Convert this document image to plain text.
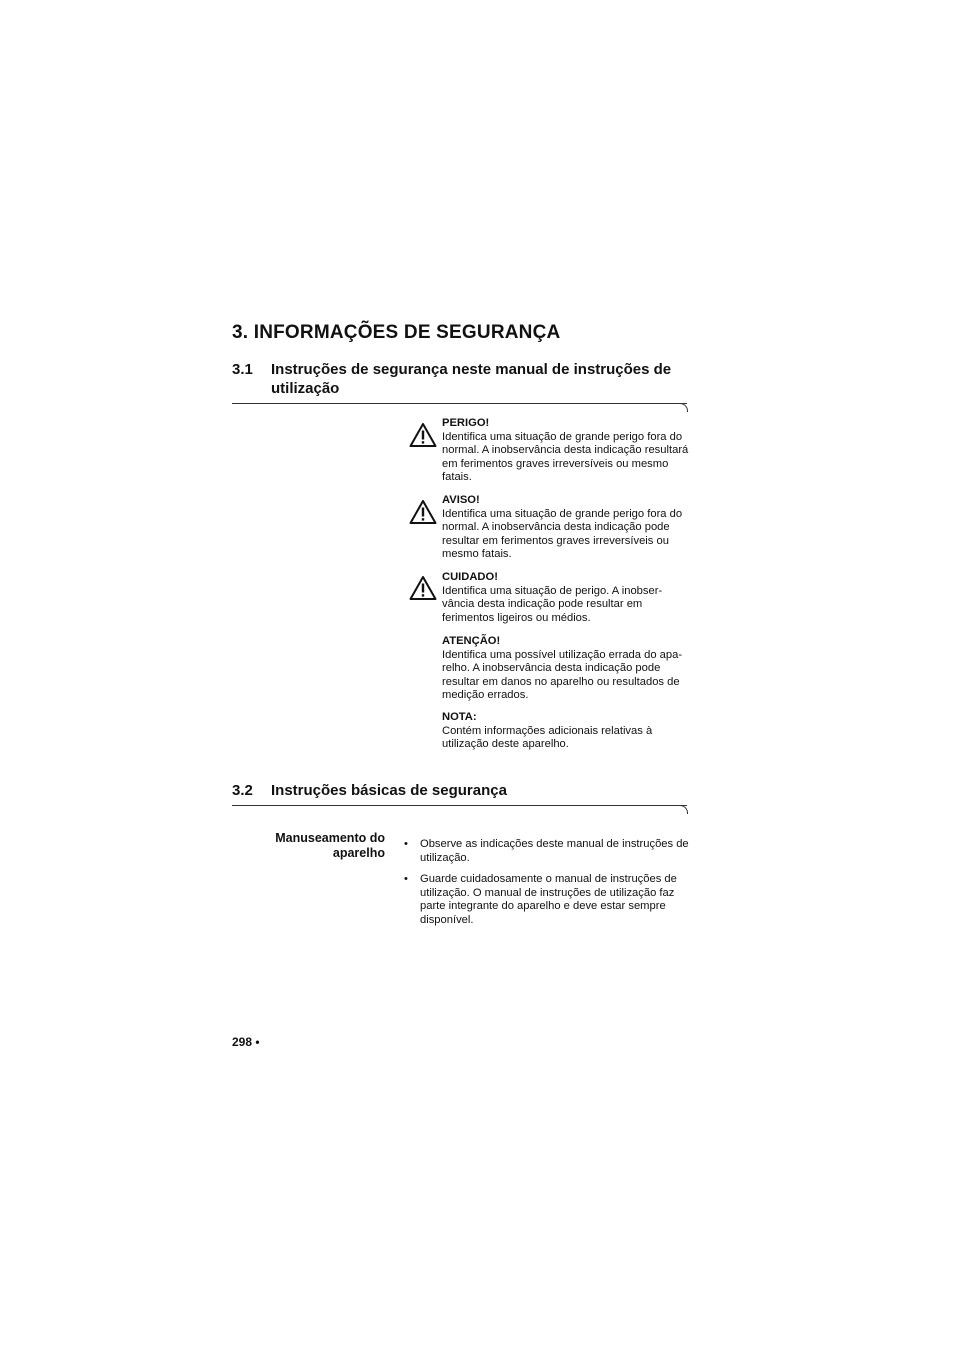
3. INFORMAÇÕES DE SEGURANÇA
3.1 Instruções de segurança neste manual de instruções de utilização
PERIGO!
Identifica uma situação de grande perigo fora do normal. A inobservância desta indicação resultará em ferimentos graves irreversíveis ou mesmo fatais.
AVISO!
Identifica uma situação de grande perigo fora do normal. A inobservância desta indicação pode resultar em ferimentos graves irreversíveis ou mesmo fatais.
CUIDADO!
Identifica uma situação de perigo. A inobser-vância desta indicação pode resultar em ferimentos ligeiros ou médios.
ATENÇÃO!
Identifica uma possível utilização errada do apa-relho. A inobservância desta indicação pode resultar em danos no aparelho ou resultados de medição errados.
NOTA:
Contém informações adicionais relativas à utilização deste aparelho.
3.2 Instruções básicas de segurança
Manuseamento do aparelho
• Observe as indicações deste manual de instruções de utilização.
• Guarde cuidadosamente o manual de instruções de utilização. O manual de instruções de utilização faz parte integrante do aparelho e deve estar sempre disponível.
298 •
